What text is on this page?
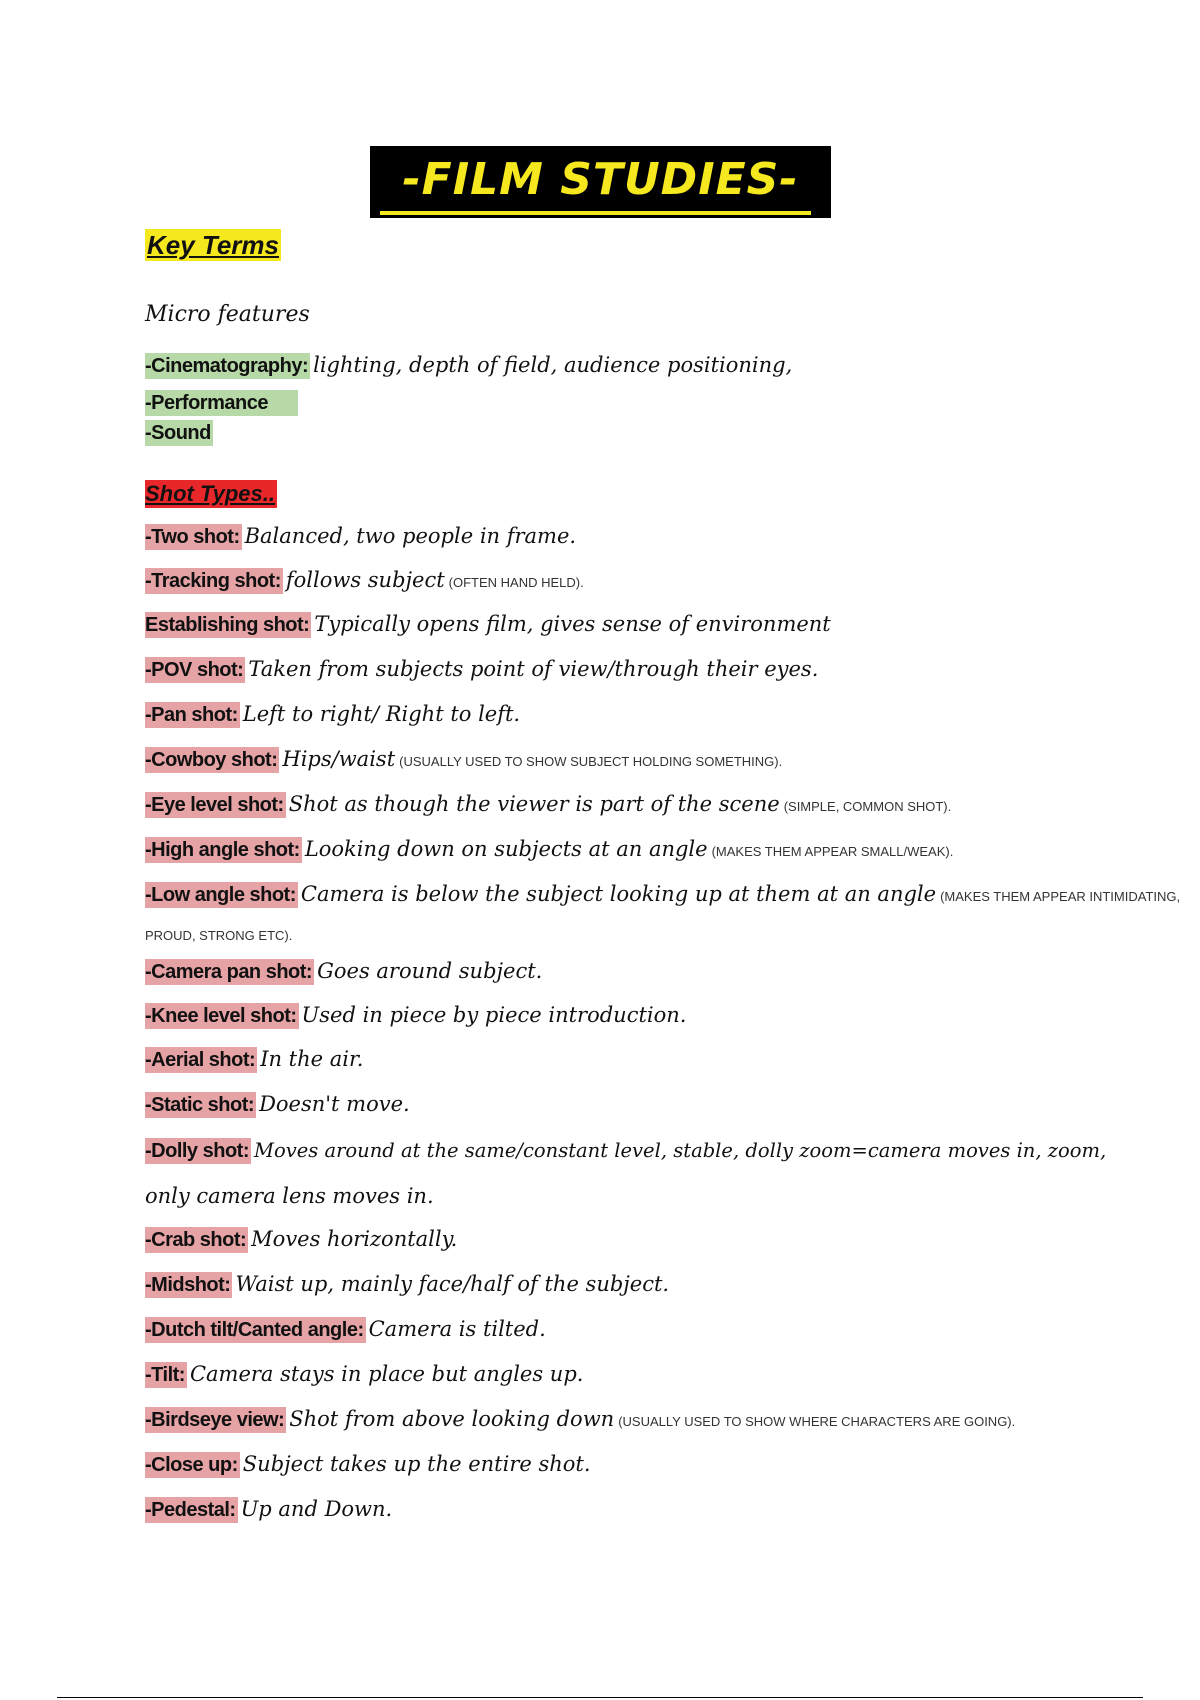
-FILM STUDIES-
Key Terms
Micro features
-Cinematography: lighting, depth of field, audience positioning,
-Performance
-Sound
Shot Types..
-Two shot: Balanced, two people in frame.
-Tracking shot: follows subject (OFTEN HAND HELD).
Establishing shot: Typically opens film, gives sense of environment
-POV shot: Taken from subjects point of view/through their eyes.
-Pan shot: Left to right/ Right to left.
-Cowboy shot: Hips/waist (USUALLY USED TO SHOW SUBJECT HOLDING SOMETHING).
-Eye level shot: Shot as though the viewer is part of the scene (SIMPLE, COMMON SHOT).
-High angle shot: Looking down on subjects at an angle (MAKES THEM APPEAR SMALL/WEAK).
-Low angle shot: Camera is below the subject looking up at them at an angle (MAKES THEM APPEAR INTIMIDATING,
PROUD, STRONG ETC).
-Camera pan shot: Goes around subject.
-Knee level shot: Used in piece by piece introduction.
-Aerial shot: In the air.
-Static shot: Doesn't move.
-Dolly shot: Moves around at the same/constant level, stable, dolly zoom=camera moves in, zoom,
only camera lens moves in.
-Crab shot: Moves horizontally.
-Midshot: Waist up, mainly face/half of the subject.
-Dutch tilt/Canted angle: Camera is tilted.
-Tilt: Camera stays in place but angles up.
-Birdseye view: Shot from above looking down (USUALLY USED TO SHOW WHERE CHARACTERS ARE GOING).
-Close up: Subject takes up the entire shot.
-Pedestal: Up and Down.
